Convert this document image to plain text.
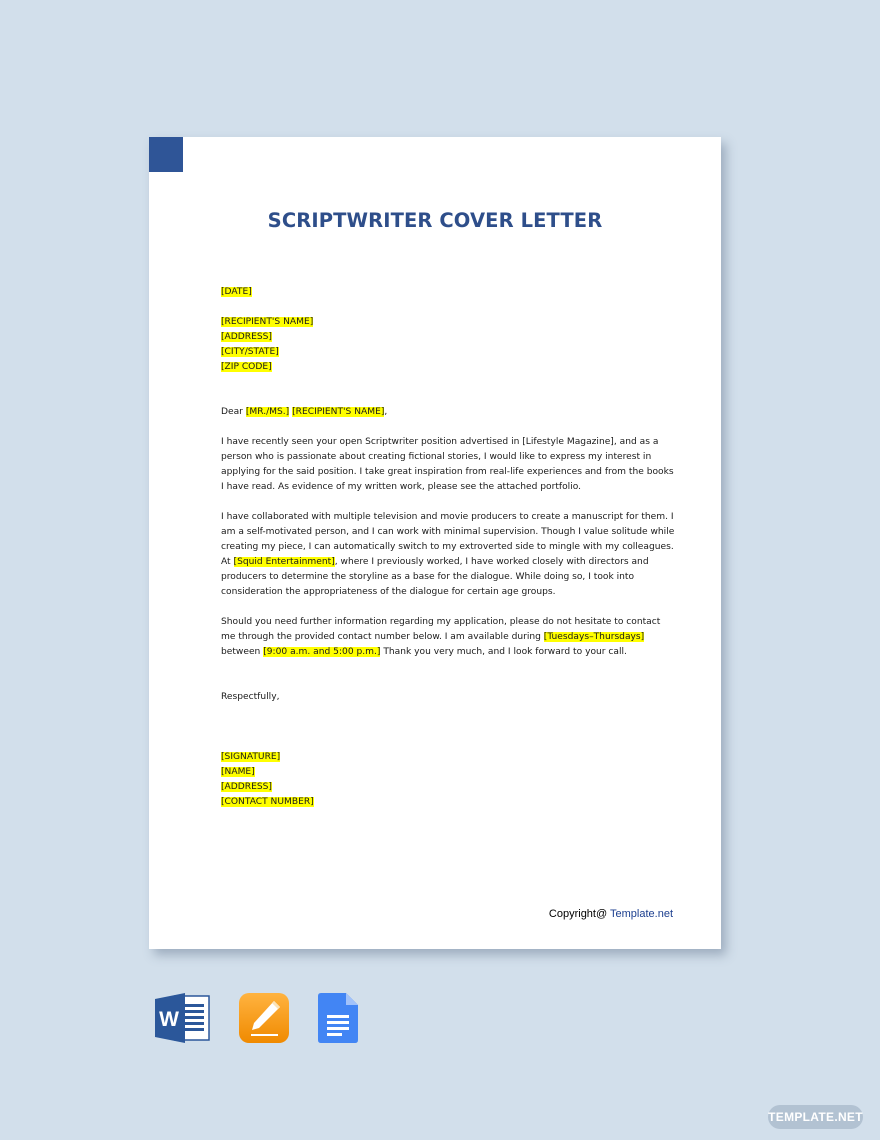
SCRIPTWRITER COVER LETTER

[DATE]

[RECIPIENT'S NAME]

[ADDRESS]

[CITY/STATE]

[ZIP CODE]

Dear [MR./MS.] [RECIPIENT'S NAME],

I have recently seen your open Scriptwriter position advertised in [Lifestyle Magazine], and as a person who is passionate about creating fictional stories, I would like to express my interest in applying for the said position. I take great inspiration from real-life experiences and from the books I have read. As evidence of my written work, please see the attached portfolio.

I have collaborated with multiple television and movie producers to create a manuscript for them. I am a self-motivated person, and I can work with minimal supervision. Though I value solitude while creating my piece, I can automatically switch to my extroverted side to mingle with my colleagues. At [Squid Entertainment], where I previously worked, I have worked closely with directors and producers to determine the storyline as a base for the dialogue. While doing so, I took into consideration the appropriateness of the dialogue for certain age groups.

Should you need further information regarding my application, please do not hesitate to contact me through the provided contact number below. I am available during [Tuesdays–Thursdays] between [9:00 a.m. and 5:00 p.m.] Thank you very much, and I look forward to your call.

Respectfully,

[SIGNATURE]

[NAME]

[ADDRESS]

[CONTACT NUMBER]

Copyright@ Template.net
W
TEMPLATE.NET
